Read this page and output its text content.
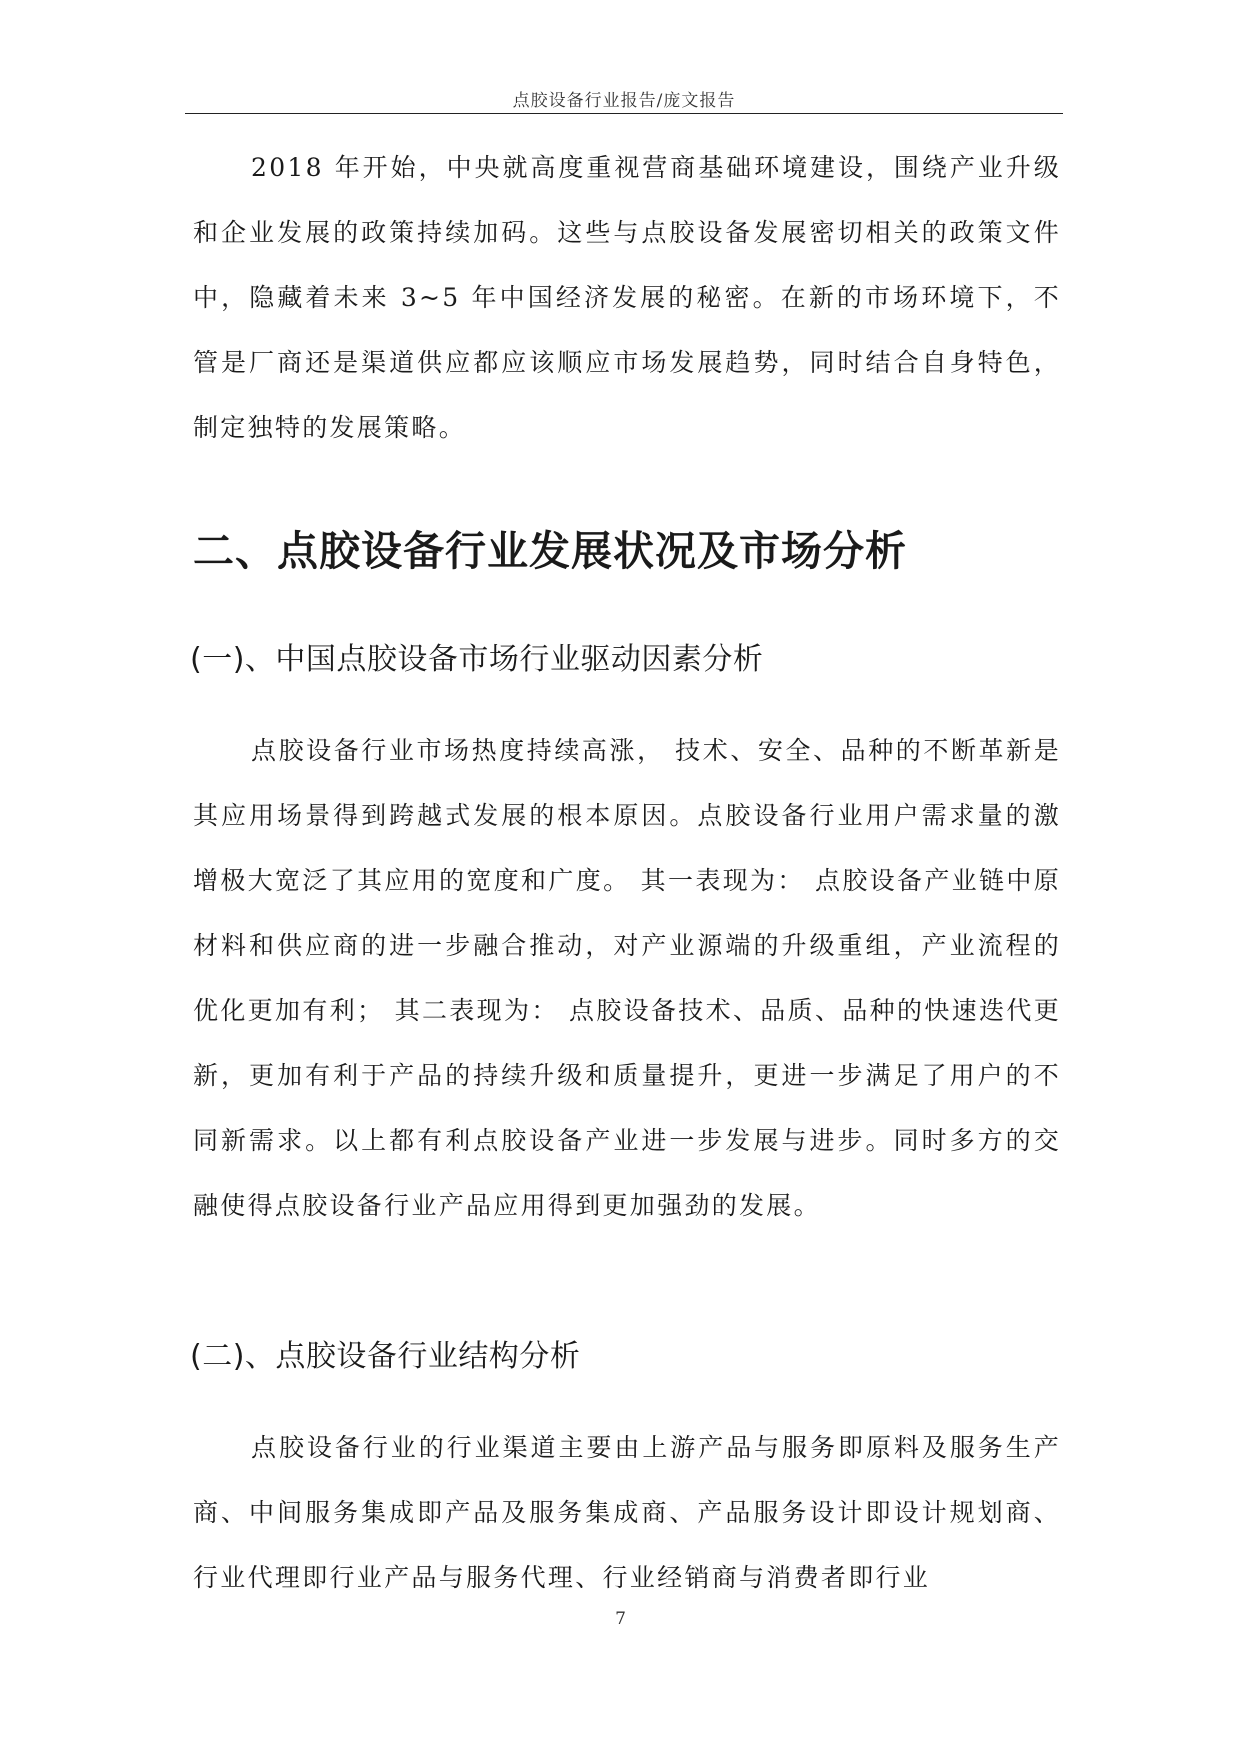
点胶设备行业报告/庞文报告

2018 年开始，中央就高度重视营商基础环境建设，围绕产业升级和企业发展的政策持续加码。这些与点胶设备发展密切相关的政策文件中，隐藏着未来 3~5 年中国经济发展的秘密。在新的市场环境下，不管是厂商还是渠道供应都应该顺应市场发展趋势，同时结合自身特色，制定独特的发展策略。

二、点胶设备行业发展状况及市场分析
(一)、中国点胶设备市场行业驱动因素分析

点胶设备行业市场热度持续高涨， 技术、安全、品种的不断革新是其应用场景得到跨越式发展的根本原因。点胶设备行业用户需求量的激增极大宽泛了其应用的宽度和广度。 其一表现为： 点胶设备产业链中原材料和供应商的进一步融合推动，对产业源端的升级重组，产业流程的优化更加有利； 其二表现为： 点胶设备技术、品质、品种的快速迭代更新，更加有利于产品的持续升级和质量提升，更进一步满足了用户的不同新需求。以上都有利点胶设备产业进一步发展与进步。同时多方的交融使得点胶设备行业产品应用得到更加强劲的发展。

(二)、点胶设备行业结构分析

点胶设备行业的行业渠道主要由上游产品与服务即原料及服务生产商、中间服务集成即产品及服务集成商、产品服务设计即设计规划商、行业代理即行业产品与服务代理、行业经销商与消费者即行业

7
